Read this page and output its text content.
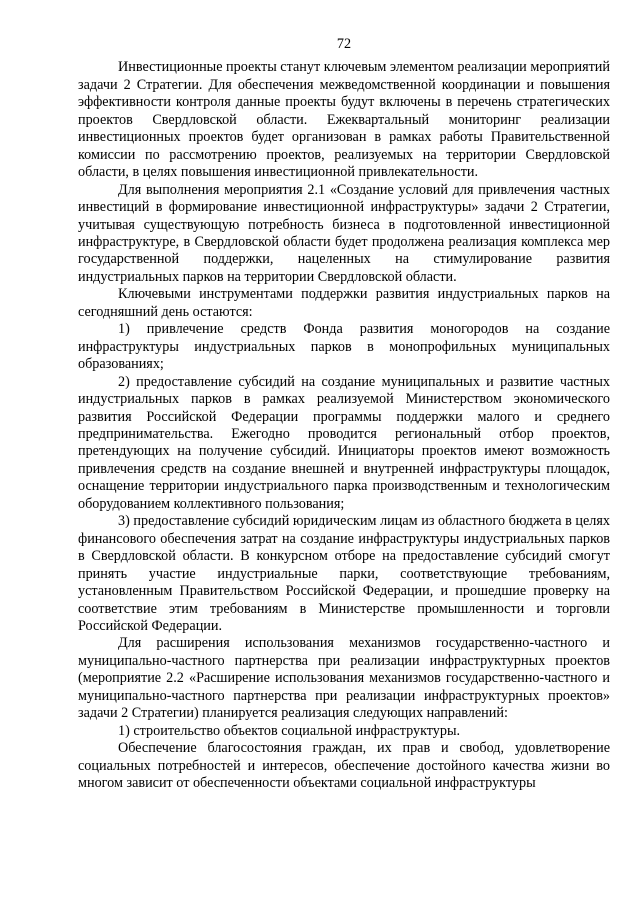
72

Инвестиционные проекты станут ключевым элементом реализации мероприятий задачи 2 Стратегии. Для обеспечения межведомственной координации и повышения эффективности контроля данные проекты будут включены в перечень стратегических проектов Свердловской области. Ежеквартальный мониторинг реализации инвестиционных проектов будет организован в рамках работы Правительственной комиссии по рассмотрению проектов, реализуемых на территории Свердловской области, в целях повышения инвестиционной привлекательности.

Для выполнения мероприятия 2.1 «Создание условий для привлечения частных инвестиций в формирование инвестиционной инфраструктуры» задачи 2 Стратегии, учитывая существующую потребность бизнеса в подготовленной инвестиционной инфраструктуре, в Свердловской области будет продолжена реализация комплекса мер государственной поддержки, нацеленных на стимулирование развития индустриальных парков на территории Свердловской области.

Ключевыми инструментами поддержки развития индустриальных парков на сегодняшний день остаются:

1) привлечение средств Фонда развития моногородов на создание инфраструктуры индустриальных парков в монопрофильных муниципальных образованиях;

2) предоставление субсидий на создание муниципальных и развитие частных индустриальных парков в рамках реализуемой Министерством экономического развития Российской Федерации программы поддержки малого и среднего предпринимательства. Ежегодно проводится региональный отбор проектов, претендующих на получение субсидий. Инициаторы проектов имеют возможность привлечения средств на создание внешней и внутренней инфраструктуры площадок, оснащение территории индустриального парка производственным и технологическим оборудованием коллективного пользования;

3) предоставление субсидий юридическим лицам из областного бюджета в целях финансового обеспечения затрат на создание инфраструктуры индустриальных парков в Свердловской области. В конкурсном отборе на предоставление субсидий смогут принять участие индустриальные парки, соответствующие требованиям, установленным Правительством Российской Федерации, и прошедшие проверку на соответствие этим требованиям в Министерстве промышленности и торговли Российской Федерации.

Для расширения использования механизмов государственно-частного и муниципально-частного партнерства при реализации инфраструктурных проектов (мероприятие 2.2 «Расширение использования механизмов государственно-частного и муниципально-частного партнерства при реализации инфраструктурных проектов» задачи 2 Стратегии) планируется реализация следующих направлений:

1) строительство объектов социальной инфраструктуры.

Обеспечение благосостояния граждан, их прав и свобод, удовлетворение социальных потребностей и интересов, обеспечение достойного качества жизни во многом зависит от обеспеченности объектами социальной инфраструктуры
